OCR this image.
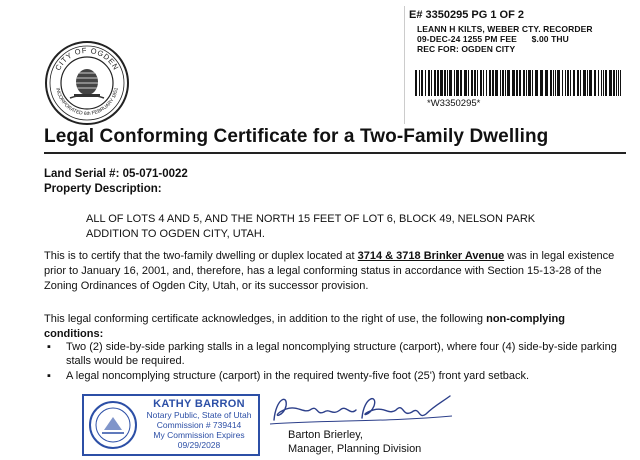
CITY OF OGDEN
INCORPORATED 6th FEBRUARY 1851
E# 3350295 PG 1 OF 2
LEANN H KILTS, WEBER CTY. RECORDER
09-DEC-24 1255 PM FEE      $.00 THU
REC FOR: OGDEN CITY
*W3350295*
Legal Conforming Certificate for a Two-Family Dwelling
Land Serial #: 05-071-0022
Property Description:
ALL OF LOTS 4 AND 5, AND THE NORTH 15 FEET OF LOT 6, BLOCK 49, NELSON PARK ADDITION TO OGDEN CITY, UTAH.
This is to certify that the two-family dwelling or duplex located at 3714 & 3718 Brinker Avenue was in legal existence prior to January 16, 2001, and, therefore, has a legal conforming status in accordance with Section 15-13-28 of the Zoning Ordinances of Ogden City, Utah, or its successor provision.
This legal conforming certificate acknowledges, in addition to the right of use, the following non-complying conditions:
▪ Two (2) side-by-side parking stalls in a legal noncomplying structure (carport), where four (4) side-by-side parking stalls would be required.
▪ A legal noncomplying structure (carport) in the required twenty-five foot (25') front yard setback.
KATHY BARRON
Notary Public, State of Utah
Commission # 739414
My Commission Expires
09/29/2028
Barton Brierley,
Manager, Planning Division
